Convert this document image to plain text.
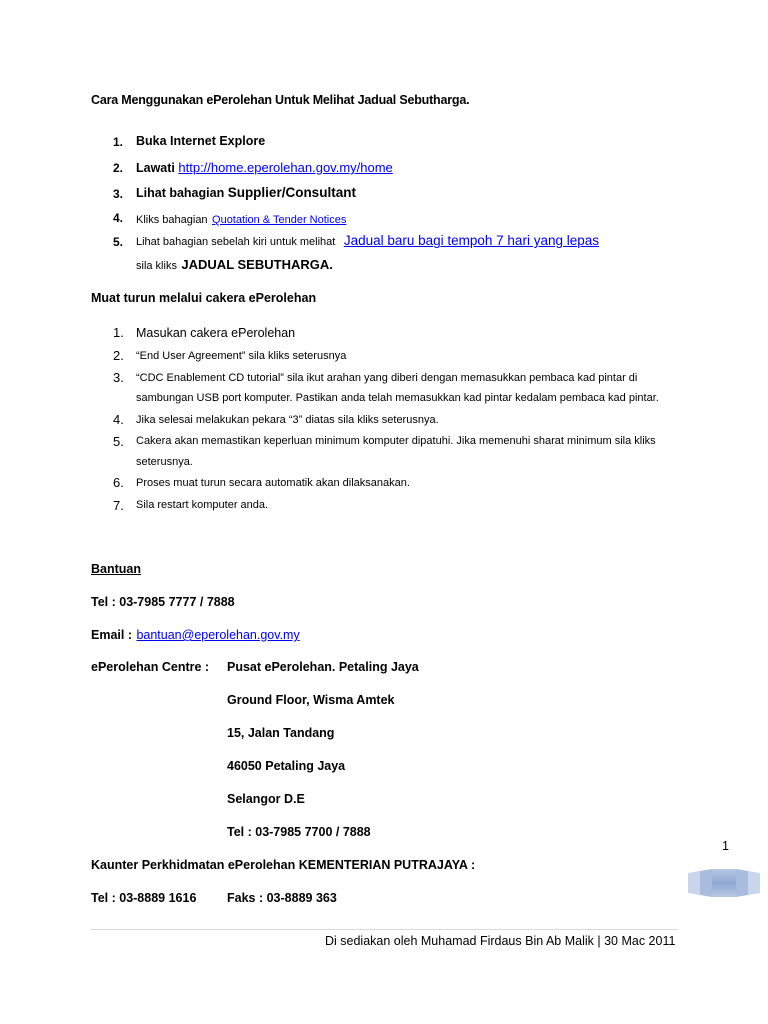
Cara Menggunakan ePerolehan Untuk Melihat Jadual Sebutharga.
1. Buka Internet Explore
2. Lawati http://home.eperolehan.gov.my/home
3. Lihat bahagian Supplier/Consultant
4. Kliks bahagian Quotation & Tender Notices
5. Lihat bahagian sebelah kiri untuk melihat Jadual baru bagi tempoh 7 hari yang lepas
sila kliks JADUAL SEBUTHARGA.
Muat turun melalui cakera ePerolehan
1. Masukan cakera ePerolehan
2. “End User Agreement” sila kliks seterusnya
3. “CDC Enablement CD tutorial” sila ikut arahan yang diberi dengan memasukkan pembaca kad pintar di
sambungan USB port komputer. Pastikan anda telah memasukkan kad pintar kedalam pembaca kad pintar.
4. Jika selesai melakukan pekara “3” diatas sila kliks seterusnya.
5. Cakera akan memastikan keperluan minimum komputer dipatuhi. Jika memenuhi sharat minimum sila kliks
seterusnya.
6. Proses muat turun secara automatik akan dilaksanakan.
7. Sila restart komputer anda.
Bantuan
Tel : 03-7985 7777 / 7888
Email : bantuan@eperolehan.gov.my
ePerolehan Centre : Pusat ePerolehan. Petaling Jaya
Ground Floor, Wisma Amtek
15, Jalan Tandang
46050 Petaling Jaya
Selangor D.E
Tel : 03-7985 7700 / 7888
Kaunter Perkhidmatan ePerolehan KEMENTERIAN PUTRAJAYA :
Tel : 03-8889 1616 Faks : 03-8889 363
1
Di sediakan oleh Muhamad Firdaus Bin Ab Malik | 30 Mac 2011
